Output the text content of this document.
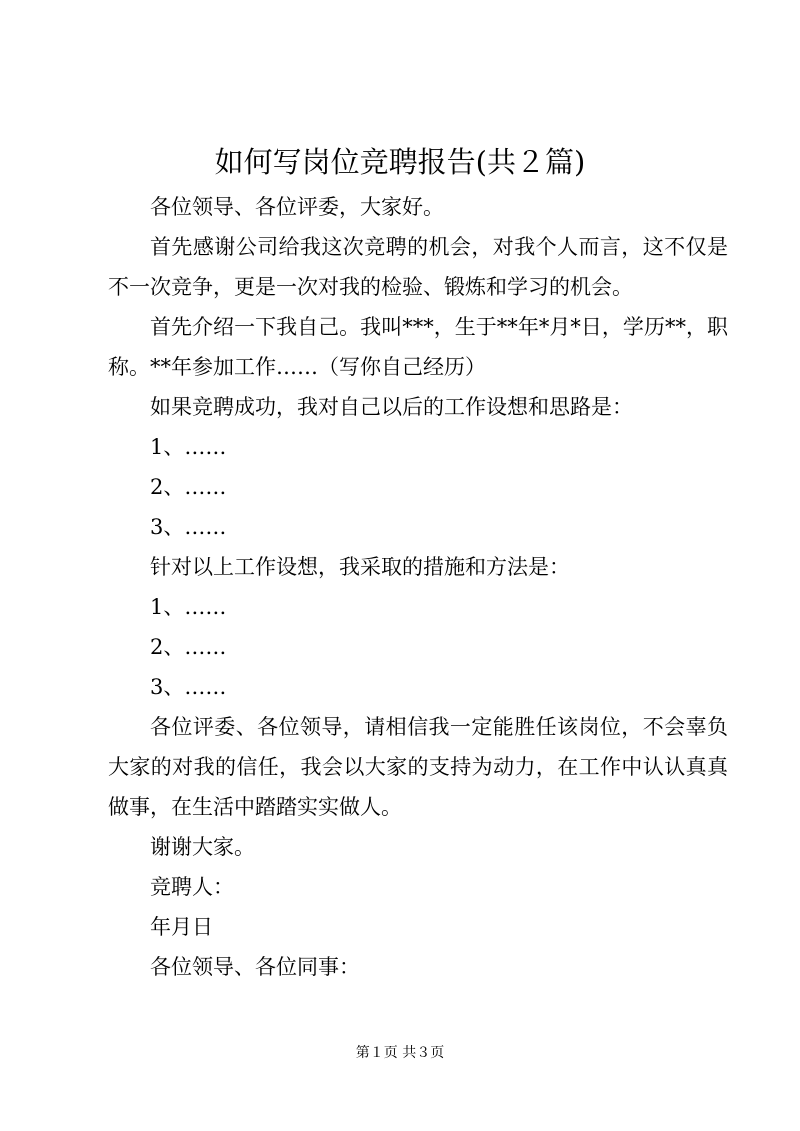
如何写岗位竞聘报告(共２篇)

各位领导、各位评委，大家好。

首先感谢公司给我这次竞聘的机会，对我个人而言，这不仅是不一次竞争，更是一次对我的检验、锻炼和学习的机会。

首先介绍一下我自己。我叫***，生于**年*月*日，学历**，职称。**年参加工作……（写你自己经历）

如果竞聘成功，我对自己以后的工作设想和思路是：

1、……

2、……

3、……

针对以上工作设想，我采取的措施和方法是：

1、……

2、……

3、……

各位评委、各位领导，请相信我一定能胜任该岗位，不会辜负大家的对我的信任，我会以大家的支持为动力，在工作中认认真真做事，在生活中踏踏实实做人。

谢谢大家。

竞聘人：

年月日

各位领导、各位同事：

第１页 共３页
